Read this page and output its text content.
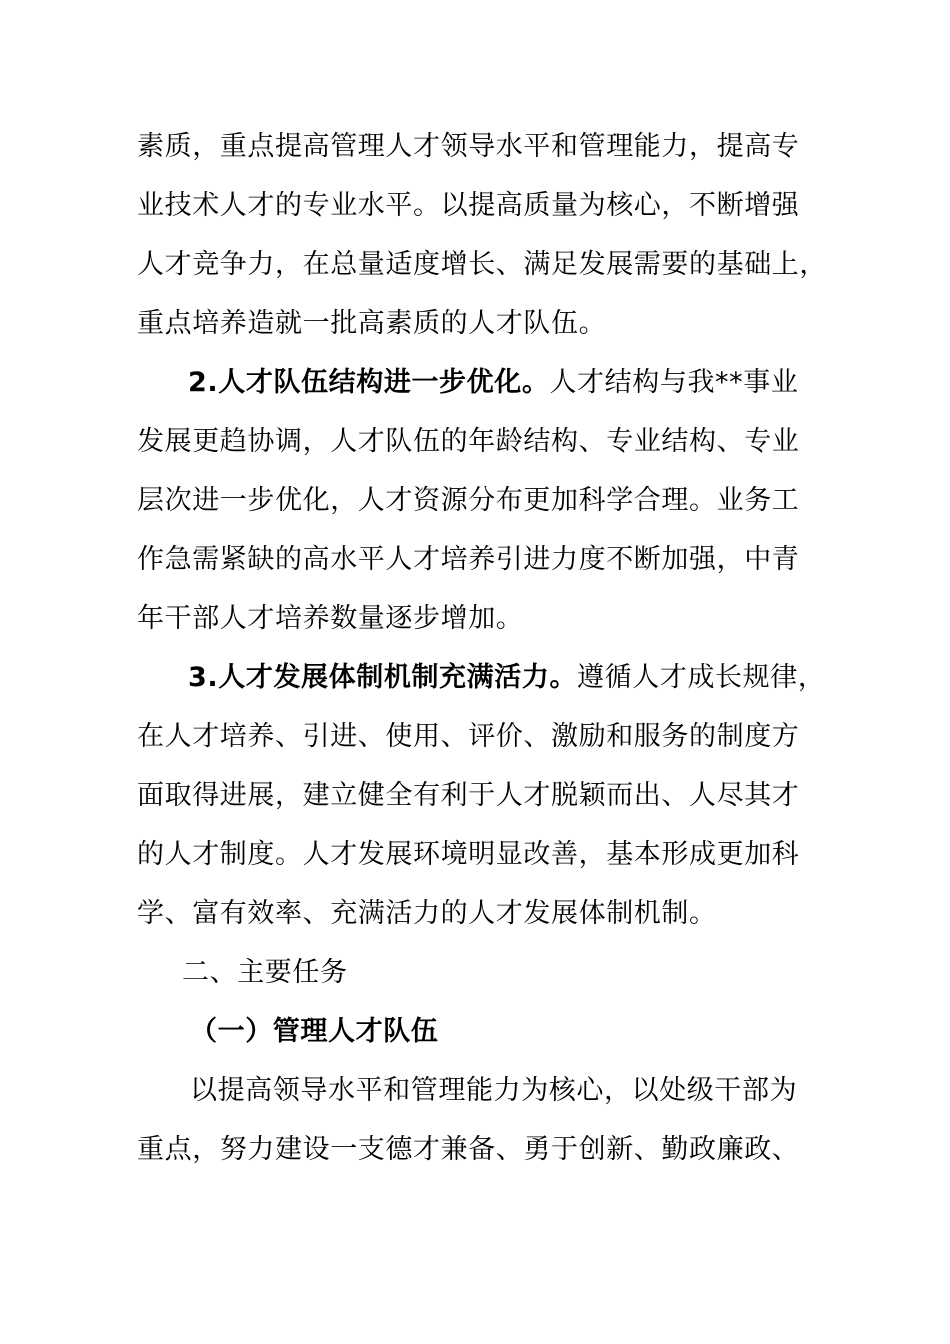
素质，重点提高管理人才领导水平和管理能力，提高专
业技术人才的专业水平。以提高质量为核心，不断增强
人才竞争力，在总量适度增长、满足发展需要的基础上，
重点培养造就一批高素质的人才队伍。
2.人才队伍结构进一步优化。人才结构与我**事业
发展更趋协调，人才队伍的年龄结构、专业结构、专业
层次进一步优化，人才资源分布更加科学合理。业务工
作急需紧缺的高水平人才培养引进力度不断加强，中青
年干部人才培养数量逐步增加。
3.人才发展体制机制充满活力。遵循人才成长规律，
在人才培养、引进、使用、评价、激励和服务的制度方
面取得进展，建立健全有利于人才脱颖而出、人尽其才
的人才制度。人才发展环境明显改善，基本形成更加科
学、富有效率、充满活力的人才发展体制机制。
二、主要任务
（一）管理人才队伍
以提高领导水平和管理能力为核心，以处级干部为
重点，努力建设一支德才兼备、勇于创新、勤政廉政、
